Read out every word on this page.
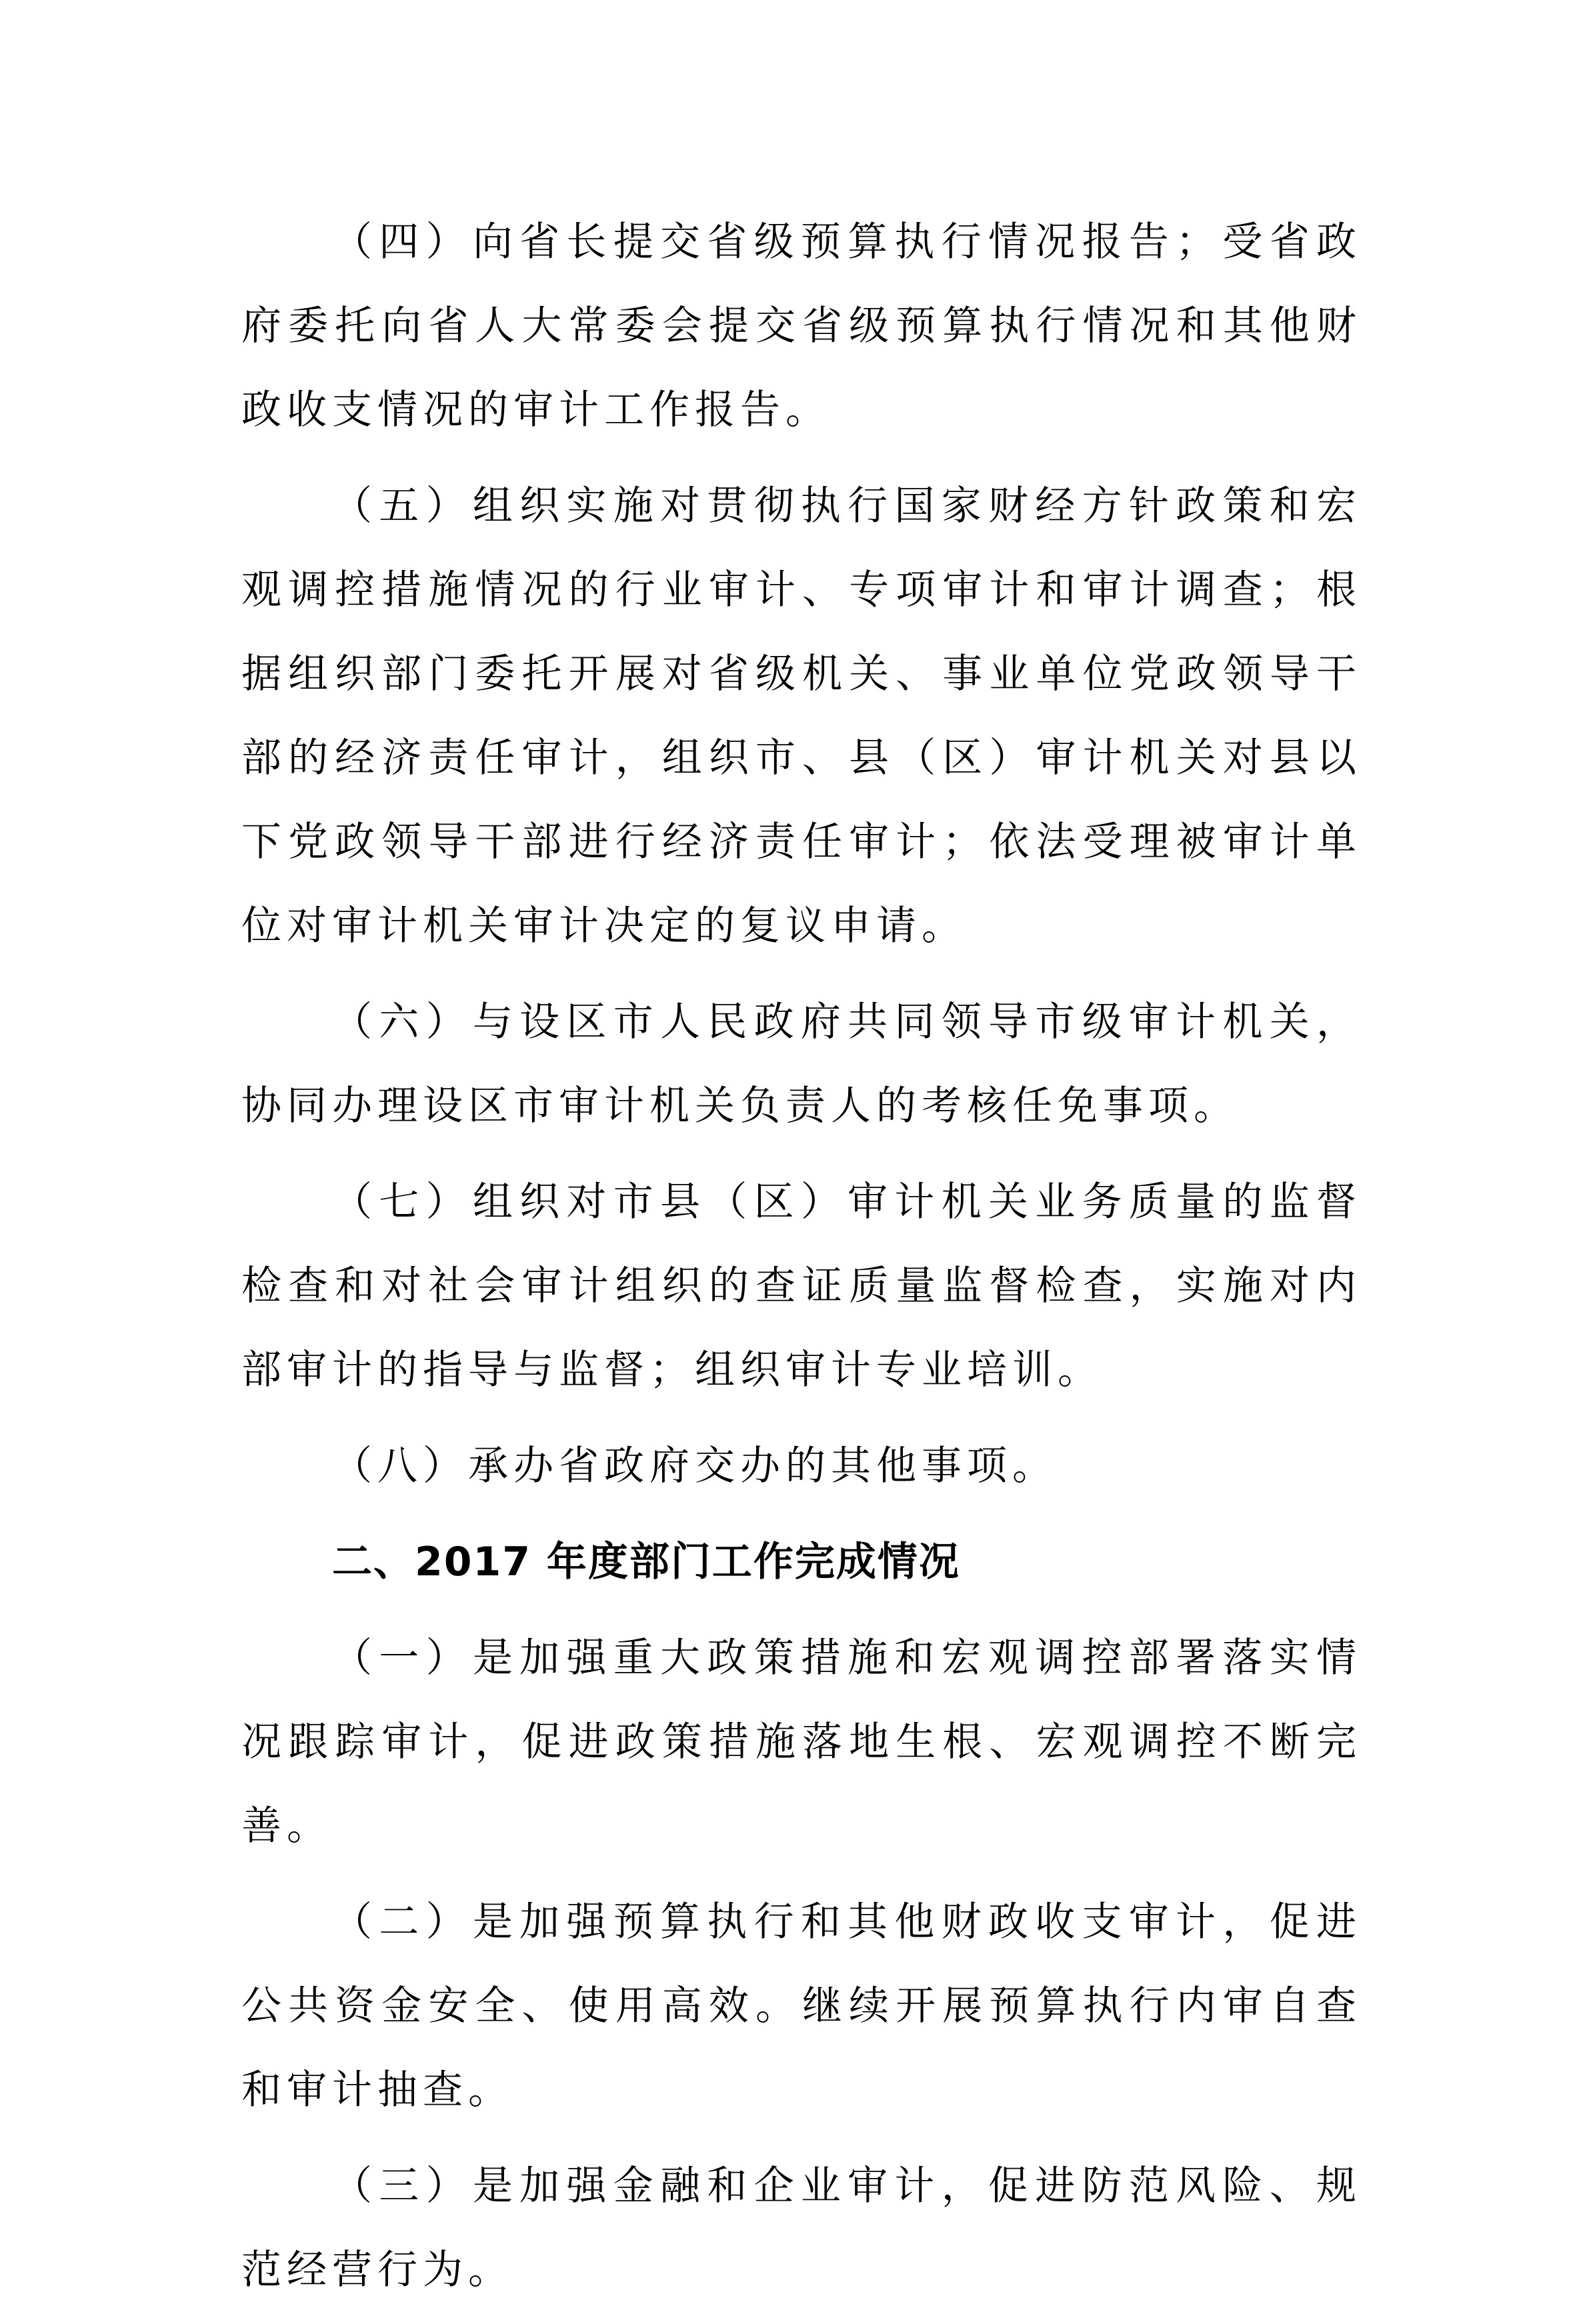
（四）向省长提交省级预算执行情况报告；受省政府委托向省人大常委会提交省级预算执行情况和其他财政收支情况的审计工作报告。

（五）组织实施对贯彻执行国家财经方针政策和宏观调控措施情况的行业审计、专项审计和审计调查；根据组织部门委托开展对省级机关、事业单位党政领导干部的经济责任审计，组织市、县（区）审计机关对县以下党政领导干部进行经济责任审计；依法受理被审计单位对审计机关审计决定的复议申请。

（六）与设区市人民政府共同领导市级审计机关，协同办理设区市审计机关负责人的考核任免事项。

（七）组织对市县（区）审计机关业务质量的监督检查和对社会审计组织的查证质量监督检查，实施对内部审计的指导与监督；组织审计专业培训。

（八）承办省政府交办的其他事项。

二、2017 年度部门工作完成情况

（一）是加强重大政策措施和宏观调控部署落实情况跟踪审计，促进政策措施落地生根、宏观调控不断完善。

（二）是加强预算执行和其他财政收支审计，促进公共资金安全、使用高效。继续开展预算执行内审自查和审计抽查。

（三）是加强金融和企业审计，促进防范风险、规范经营行为。
